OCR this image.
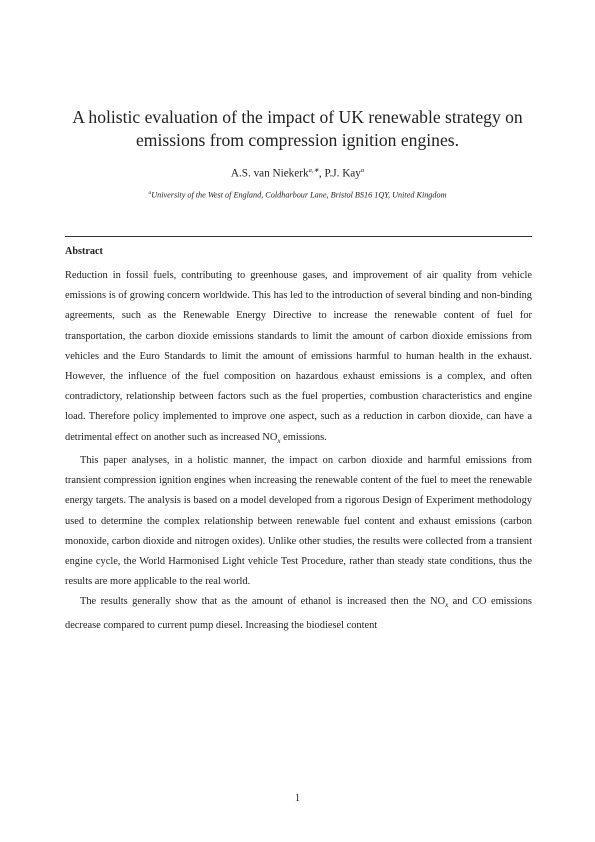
A holistic evaluation of the impact of UK renewable strategy on
emissions from compression ignition engines.
A.S. van Niekerk$^{a,∗}$, P.J. Kay$^a$
$^a$University of the West of England, Coldharbour Lane, Bristol BS16 1QY, United Kingdom
Abstract

Reduction in fossil fuels, contributing to greenhouse gases, and improvement of air quality from vehicle emissions is of growing concern worldwide. This has led to the introduction of several binding and non-binding agreements, such as the Renewable Energy Directive to increase the renewable content of fuel for transportation, the carbon dioxide emissions standards to limit the amount of carbon dioxide emissions from vehicles and the Euro Standards to limit the amount of emissions harmful to human health in the exhaust. However, the influence of the fuel composition on hazardous exhaust emissions is a complex, and often contradictory, relationship between factors such as the fuel properties, combustion characteristics and engine load. Therefore policy implemented to improve one aspect, such as a reduction in carbon dioxide, can have a detrimental effect on another such as increased $NO_x$ emissions.

This paper analyses, in a holistic manner, the impact on carbon dioxide and harmful emissions from transient compression ignition engines when increasing the renewable content of the fuel to meet the renewable energy targets. The analysis is based on a model developed from a rigorous Design of Experiment methodology used to determine the complex relationship between renewable fuel content and exhaust emissions (carbon monoxide, carbon dioxide and nitrogen oxides). Unlike other studies, the results were collected from a transient engine cycle, the World Harmonised Light vehicle Test Procedure, rather than steady state conditions, thus the results are more applicable to the real world.

The results generally show that as the amount of ethanol is increased then the $NO_x$ and CO emissions decrease compared to current pump diesel. Increasing the biodiesel content

1
